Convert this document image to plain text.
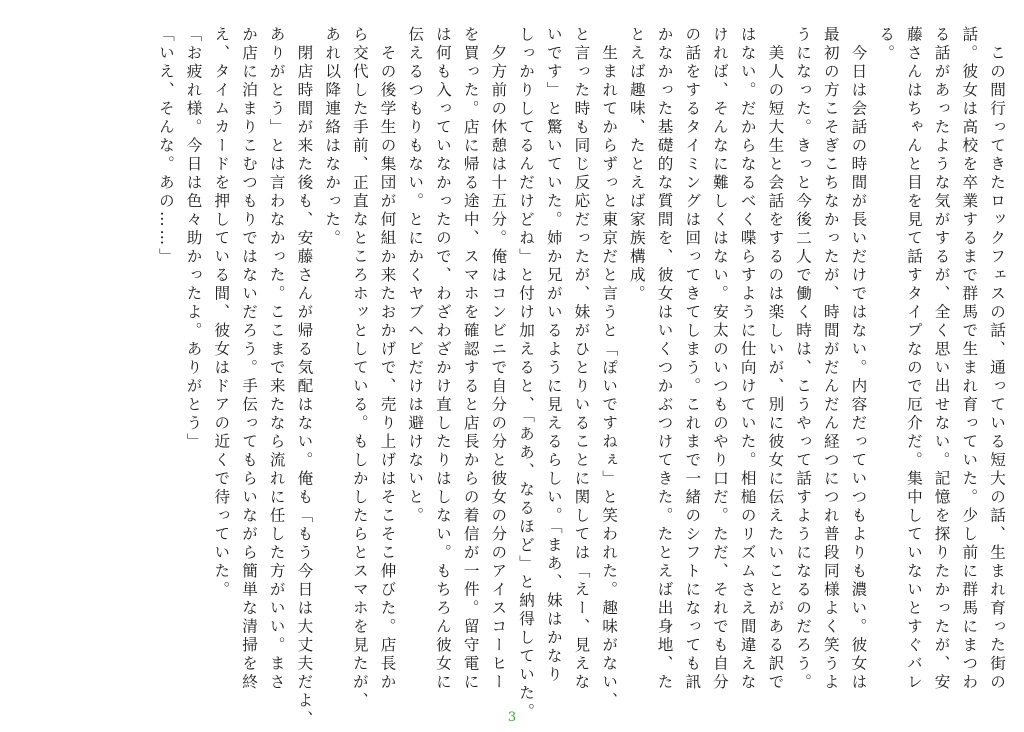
この間行ってきたロックフェスの話、通っている短大の話、生まれ育った街の
話。彼女は高校を卒業するまで群馬で生まれ育っていた。少し前に群馬にまつわ
る話があったような気がするが、全く思い出せない。記憶を探りたかったが、安
藤さんはちゃんと目を見て話すタイプなので厄介だ。集中していないとすぐバレ
る。
今日は会話の時間が長いだけではない。内容だっていつもよりも濃い。彼女は
最初の方こそぎこちなかったが、時間がだんだん経つにつれ普段同様よく笑うよ
うになった。きっと今後二人で働く時は、こうやって話すようになるのだろう。
美人の短大生と会話をするのは楽しいが、別に彼女に伝えたいことがある訳で
はない。だからなるべく喋らすように仕向けていた。相槌のリズムさえ間違えな
ければ、そんなに難しくはない。安太のいつものやり口だ。ただ、それでも自分
の話をするタイミングは回ってきてしまう。これまで一緒のシフトになっても訊
かなかった基礎的な質問を、彼女はいくつかぶつけてきた。たとえば出身地、た
とえば趣味、たとえば家族構成。
生まれてからずっと東京だと言うと「ぽいですねぇ」と笑われた。趣味がない、
と言った時も同じ反応だったが、妹がひとりいることに関しては「えー、見えな
いです」と驚いていた。姉か兄がいるように見えるらしい。「まあ、妹はかなり
しっかりしてるんだけどね」と付け加えると、「ああ、なるほど」と納得していた。
夕方前の休憩は十五分。俺はコンビニで自分の分と彼女の分のアイスコーヒー
を買った。店に帰る途中、スマホを確認すると店長からの着信が一件。留守電に
は何も入っていなかったので、わざわざかけ直したりはしない。もちろん彼女に
伝えるつもりもない。とにかくヤブヘビだけは避けないと。
その後学生の集団が何組か来たおかげで、売り上げはそこそこ伸びた。店長か
ら交代した手前、正直なところホッとしている。もしかしたらとスマホを見たが、
あれ以降連絡はなかった。
閉店時間が来た後も、安藤さんが帰る気配はない。俺も「もう今日は大丈夫だよ、
ありがとう」とは言わなかった。ここまで来たなら流れに任した方がいい。まさ
か店に泊まりこむつもりではないだろう。手伝ってもらいながら簡単な清掃を終
え、タイムカードを押している間、彼女はドアの近くで待っていた。
「お疲れ様。今日は色々助かったよ。ありがとう」
「いえ、そんな。あの……」
3
